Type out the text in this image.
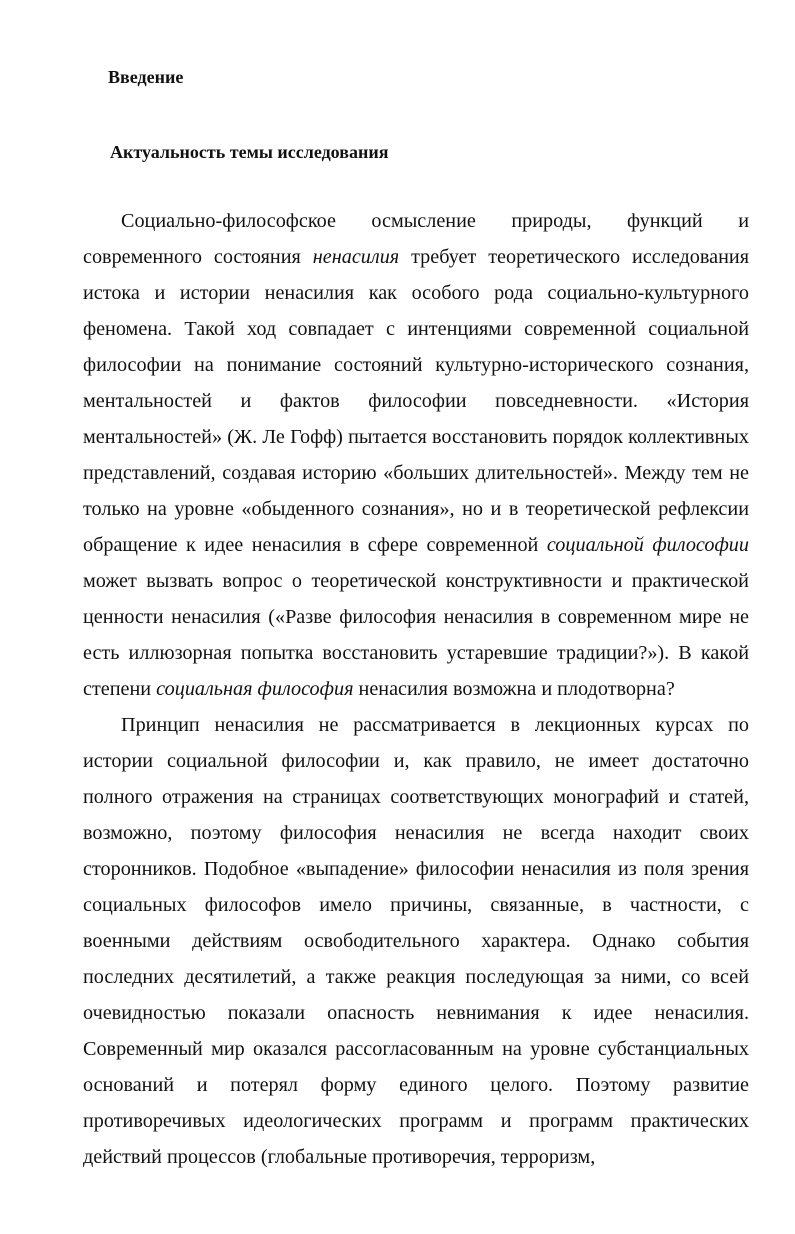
Введение
Актуальность темы исследования

Социально-философское осмысление природы, функций и современного состояния ненасилия требует теоретического исследования истока и истории ненасилия как особого рода социально-культурного феномена. Такой ход совпадает с интенциями современной социальной философии на понимание состояний культурно-исторического сознания, ментальностей и фактов философии повседневности. «История ментальностей» (Ж. Ле Гофф) пытается восстановить порядок коллективных представлений, создавая историю «больших длительностей». Между тем не только на уровне «обыденного сознания», но и в теоретической рефлексии обращение к идее ненасилия в сфере современной социальной философии может вызвать вопрос о теоретической конструктивности и практической ценности ненасилия («Разве философия ненасилия в современном мире не есть иллюзорная попытка восстановить устаревшие традиции?»). В какой степени социальная философия ненасилия возможна и плодотворна?

Принцип ненасилия не рассматривается в лекционных курсах по истории социальной философии и, как правило, не имеет достаточно полного отражения на страницах соответствующих монографий и статей, возможно, поэтому философия ненасилия не всегда находит своих сторонников. Подобное «выпадение» философии ненасилия из поля зрения социальных философов имело причины, связанные, в частности, с военными действиям освободительного характера. Однако события последних десятилетий, а также реакция последующая за ними, со всей очевидностью показали опасность невнимания к идее ненасилия. Современный мир оказался рассогласованным на уровне субстанциальных оснований и потерял форму единого целого. Поэтому развитие противоречивых идеологических программ и программ практических действий процессов (глобальные противоречия, терроризм,
